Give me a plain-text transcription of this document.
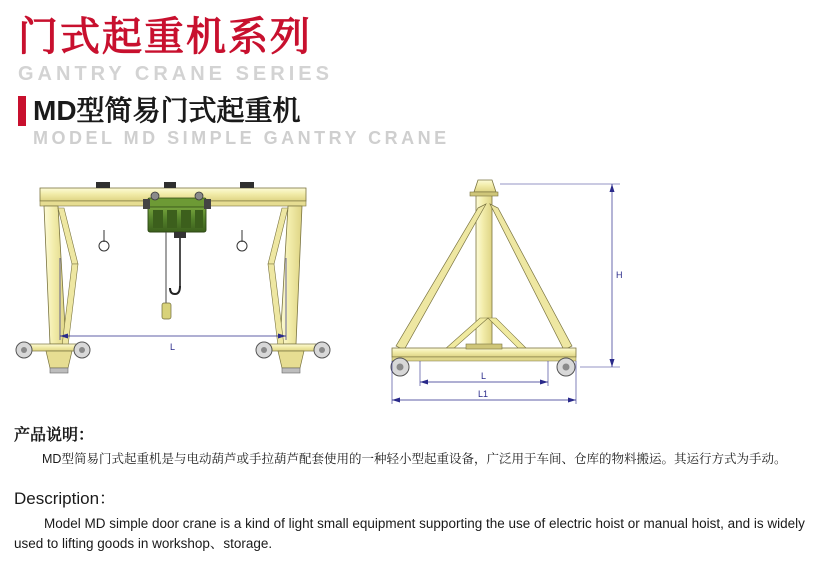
门式起重机系列
GANTRY CRANE SERIES
MD型简易门式起重机
MODEL MD SIMPLE GANTRY CRANE
L
H
L
L1
产品说明：
MD型简易门式起重机是与电动葫芦或手拉葫芦配套使用的一种轻小型起重设备，广泛用于车间、仓库的物料搬运。其运行方式为手动。
Description：
Model MD simple door crane is a kind of light small equipment supporting the use of electric hoist or manual hoist, and is widely used to lifting goods in workshop、storage.
